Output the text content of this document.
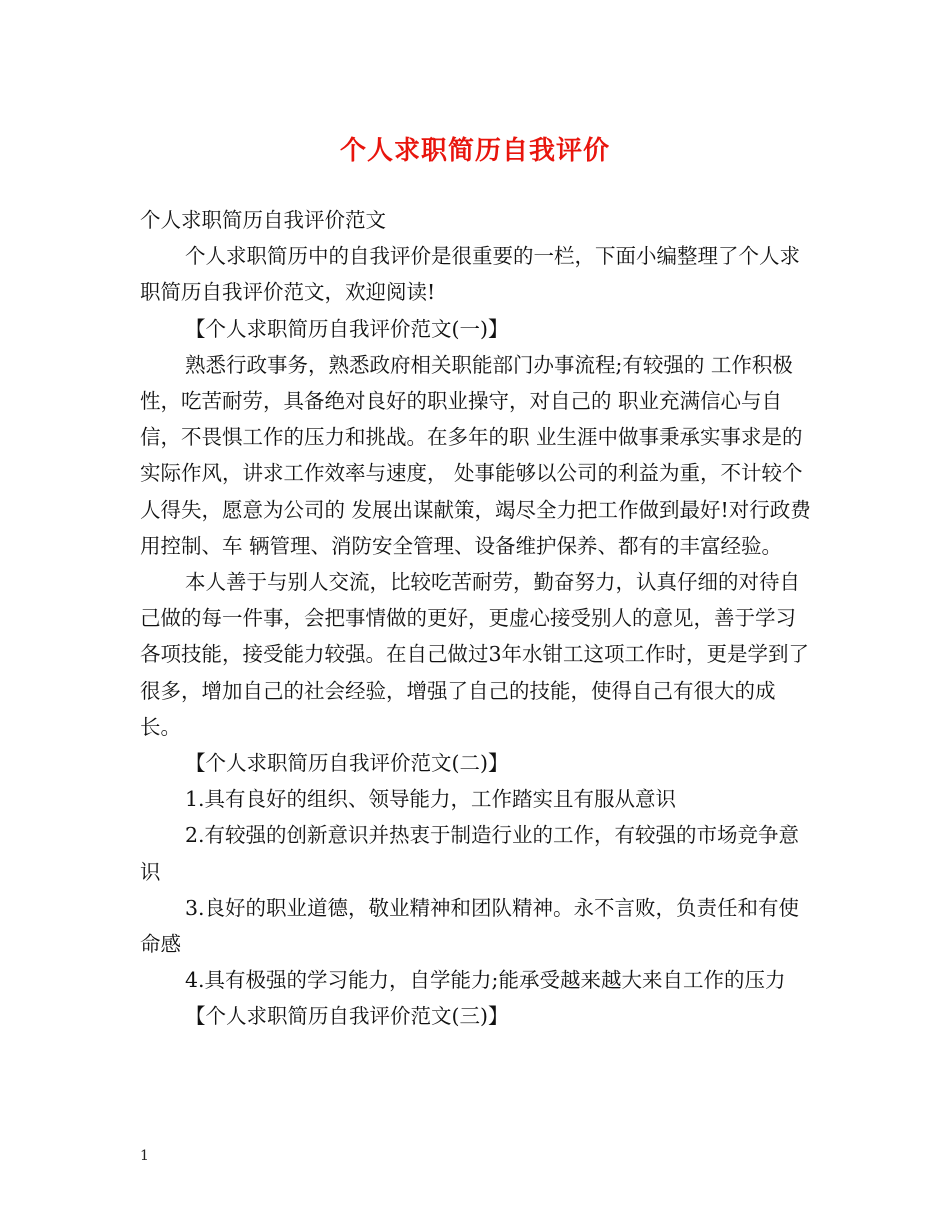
个人求职简历自我评价

个人求职简历自我评价范文

个人求职简历中的自我评价是很重要的一栏，下面小编整理了个人求职简历自我评价范文，欢迎阅读!

【个人求职简历自我评价范文(一)】

熟悉行政事务，熟悉政府相关职能部门办事流程;有较强的 工作积极性，吃苦耐劳，具备绝对良好的职业操守，对自己的 职业充满信心与自信，不畏惧工作的压力和挑战。在多年的职 业生涯中做事秉承实事求是的实际作风，讲求工作效率与速度， 处事能够以公司的利益为重，不计较个人得失，愿意为公司的 发展出谋献策，竭尽全力把工作做到最好!对行政费用控制、车 辆管理、消防安全管理、设备维护保养、都有的丰富经验。

本人善于与别人交流，比较吃苦耐劳，勤奋努力，认真仔细的对待自己做的每一件事，会把事情做的更好，更虚心接受别人的意见，善于学习各项技能，接受能力较强。在自己做过3年水钳工这项工作时，更是学到了很多，增加自己的社会经验，增强了自己的技能，使得自己有很大的成长。

【个人求职简历自我评价范文(二)】

1.具有良好的组织、领导能力，工作踏实且有服从意识

2.有较强的创新意识并热衷于制造行业的工作，有较强的市场竞争意识

3.良好的职业道德，敬业精神和团队精神。永不言败，负责任和有使命感

4.具有极强的学习能力，自学能力;能承受越来越大来自工作的压力

【个人求职简历自我评价范文(三)】

1
